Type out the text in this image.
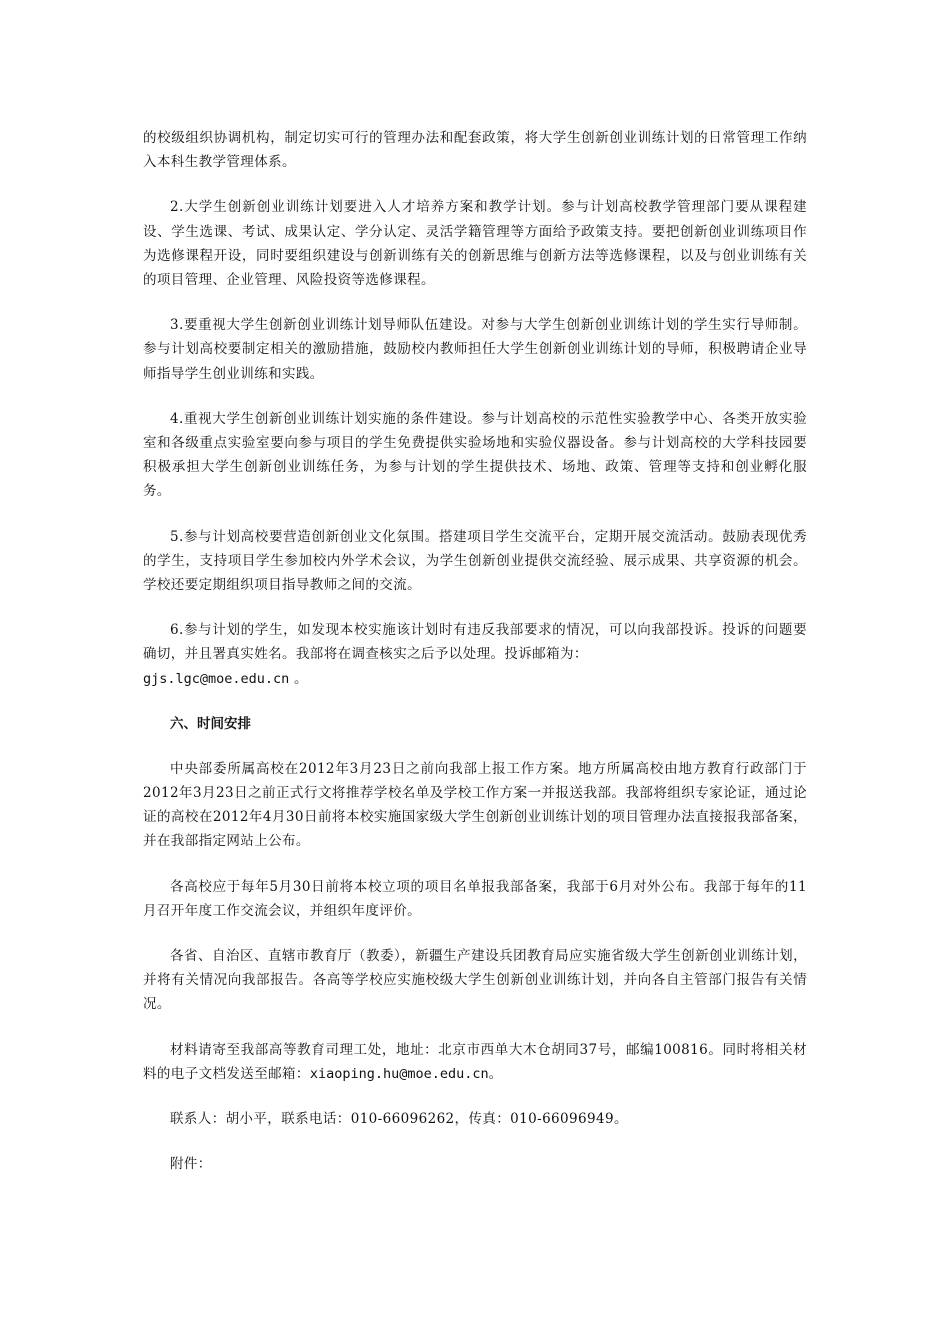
的校级组织协调机构，制定切实可行的管理办法和配套政策，将大学生创新创业训练计划的日常管理工作纳入本科生教学管理体系。

2.大学生创新创业训练计划要进入人才培养方案和教学计划。参与计划高校教学管理部门要从课程建设、学生选课、考试、成果认定、学分认定、灵活学籍管理等方面给予政策支持。要把创新创业训练项目作为选修课程开设，同时要组织建设与创新训练有关的创新思维与创新方法等选修课程，以及与创业训练有关的项目管理、企业管理、风险投资等选修课程。

3.要重视大学生创新创业训练计划导师队伍建设。对参与大学生创新创业训练计划的学生实行导师制。参与计划高校要制定相关的激励措施，鼓励校内教师担任大学生创新创业训练计划的导师，积极聘请企业导师指导学生创业训练和实践。

4.重视大学生创新创业训练计划实施的条件建设。参与计划高校的示范性实验教学中心、各类开放实验室和各级重点实验室要向参与项目的学生免费提供实验场地和实验仪器设备。参与计划高校的大学科技园要积极承担大学生创新创业训练任务，为参与计划的学生提供技术、场地、政策、管理等支持和创业孵化服务。

5.参与计划高校要营造创新创业文化氛围。搭建项目学生交流平台，定期开展交流活动。鼓励表现优秀的学生，支持项目学生参加校内外学术会议，为学生创新创业提供交流经验、展示成果、共享资源的机会。学校还要定期组织项目指导教师之间的交流。

6.参与计划的学生，如发现本校实施该计划时有违反我部要求的情况，可以向我部投诉。投诉的问题要确切，并且署真实姓名。我部将在调查核实之后予以处理。投诉邮箱为：
gjs.lgc@moe.edu.cn 。

六、时间安排

中央部委所属高校在2012年3月23日之前向我部上报工作方案。地方所属高校由地方教育行政部门于2012年3月23日之前正式行文将推荐学校名单及学校工作方案一并报送我部。我部将组织专家论证，通过论证的高校在2012年4月30日前将本校实施国家级大学生创新创业训练计划的项目管理办法直接报我部备案，并在我部指定网站上公布。

各高校应于每年5月30日前将本校立项的项目名单报我部备案，我部于6月对外公布。我部于每年的11月召开年度工作交流会议，并组织年度评价。

各省、自治区、直辖市教育厅（教委），新疆生产建设兵团教育局应实施省级大学生创新创业训练计划，并将有关情况向我部报告。各高等学校应实施校级大学生创新创业训练计划，并向各自主管部门报告有关情况。

材料请寄至我部高等教育司理工处，地址：北京市西单大木仓胡同37号，邮编100816。同时将相关材料的电子文档发送至邮箱：xiaoping.hu@moe.edu.cn。

联系人：胡小平，联系电话：010-66096262，传真：010-66096949。

附件：
